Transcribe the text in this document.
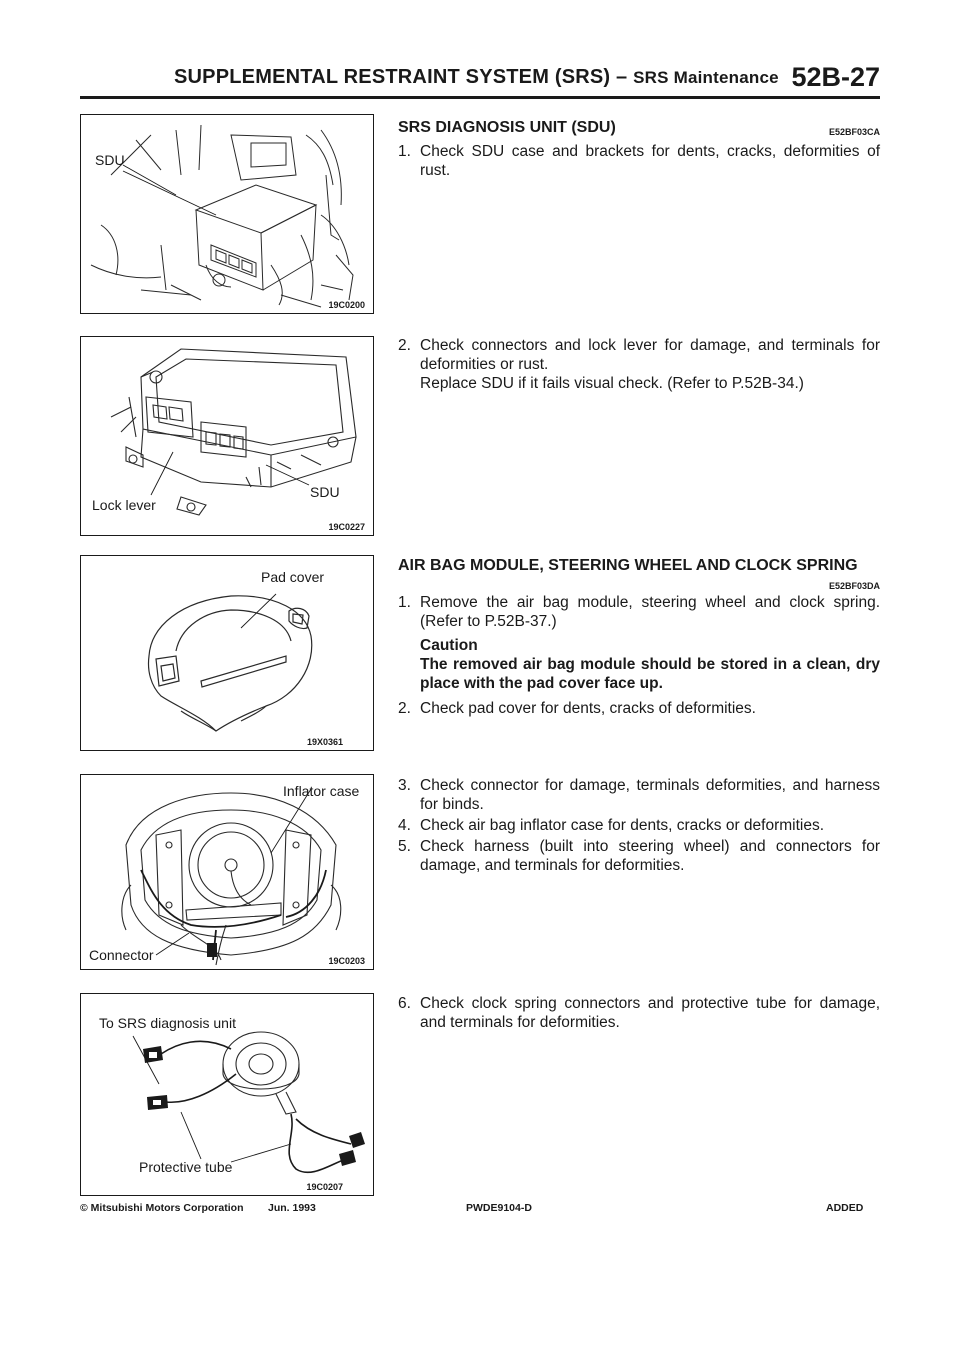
SUPPLEMENTAL RESTRAINT SYSTEM (SRS) – SRS Maintenance 52B-27
SDU
19C0200
Lock lever
SDU
19C0227
Pad cover
19X0361
Inflator case
Connector	19C0203
To SRS diagnosis unit
Protective tube
19C0207
SRS DIAGNOSIS UNIT (SDU)	E52BF03CA
1. Check SDU case and brackets for dents, cracks, deformities of rust.
2. Check connectors and lock lever for damage, and terminals for deformities or rust.
Replace SDU if it fails visual check. (Refer to P.52B-34.)
AIR BAG MODULE, STEERING WHEEL AND CLOCK SPRING
E52BF03DA
1. Remove the air bag module, steering wheel and clock spring. (Refer to P.52B-37.)
Caution
The removed air bag module should be stored in a clean, dry place with the pad cover face up.
2. Check pad cover for dents, cracks of deformities.
3. Check connector for damage, terminals deformities, and harness for binds.
4. Check air bag inflator case for dents, cracks or deformities.
5. Check harness (built into steering wheel) and connectors for damage, and terminals for deformities.
6. Check clock spring connectors and protective tube for damage, and terminals for deformities.
© Mitsubishi Motors Corporation Jun. 1993	PWDE9104-D	ADDED
